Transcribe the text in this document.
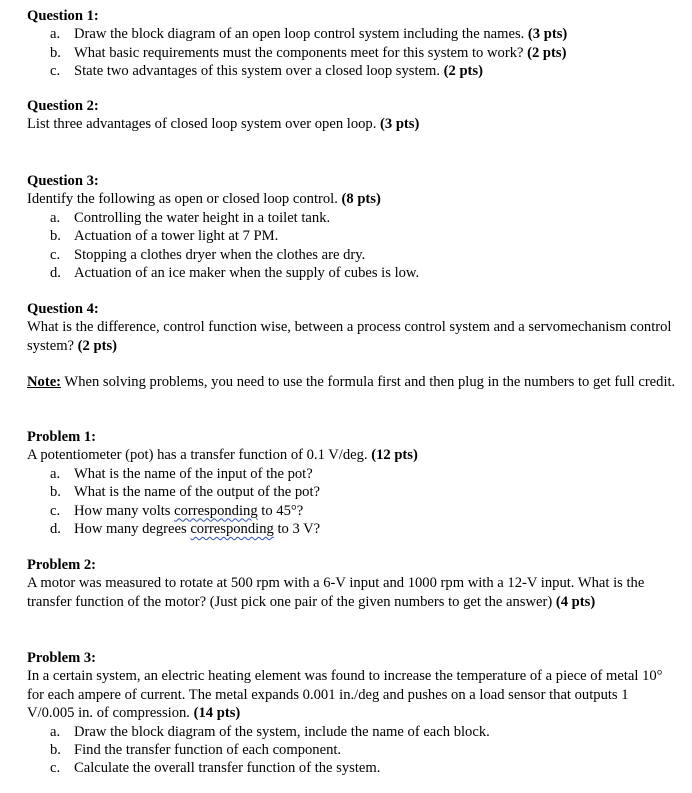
Question 1:
a. Draw the block diagram of an open loop control system including the names. (3 pts)
b. What basic requirements must the components meet for this system to work? (2 pts)
c. State two advantages of this system over a closed loop system. (2 pts)
Question 2:
List three advantages of closed loop system over open loop. (3 pts)
Question 3:
Identify the following as open or closed loop control. (8 pts)
a. Controlling the water height in a toilet tank.
b. Actuation of a tower light at 7 PM.
c. Stopping a clothes dryer when the clothes are dry.
d. Actuation of an ice maker when the supply of cubes is low.
Question 4:
What is the difference, control function wise, between a process control system and a servomechanism control system? (2 pts)
Note: When solving problems, you need to use the formula first and then plug in the numbers to get full credit.
Problem 1:
A potentiometer (pot) has a transfer function of 0.1 V/deg. (12 pts)
a. What is the name of the input of the pot?
b. What is the name of the output of the pot?
c. How many volts corresponding to 45°?
d. How many degrees corresponding to 3 V?
Problem 2:
A motor was measured to rotate at 500 rpm with a 6-V input and 1000 rpm with a 12-V input. What is the transfer function of the motor? (Just pick one pair of the given numbers to get the answer) (4 pts)
Problem 3:
In a certain system, an electric heating element was found to increase the temperature of a piece of metal 10° for each ampere of current. The metal expands 0.001 in./deg and pushes on a load sensor that outputs 1 V/0.005 in. of compression. (14 pts)
a. Draw the block diagram of the system, include the name of each block.
b. Find the transfer function of each component.
c. Calculate the overall transfer function of the system.
